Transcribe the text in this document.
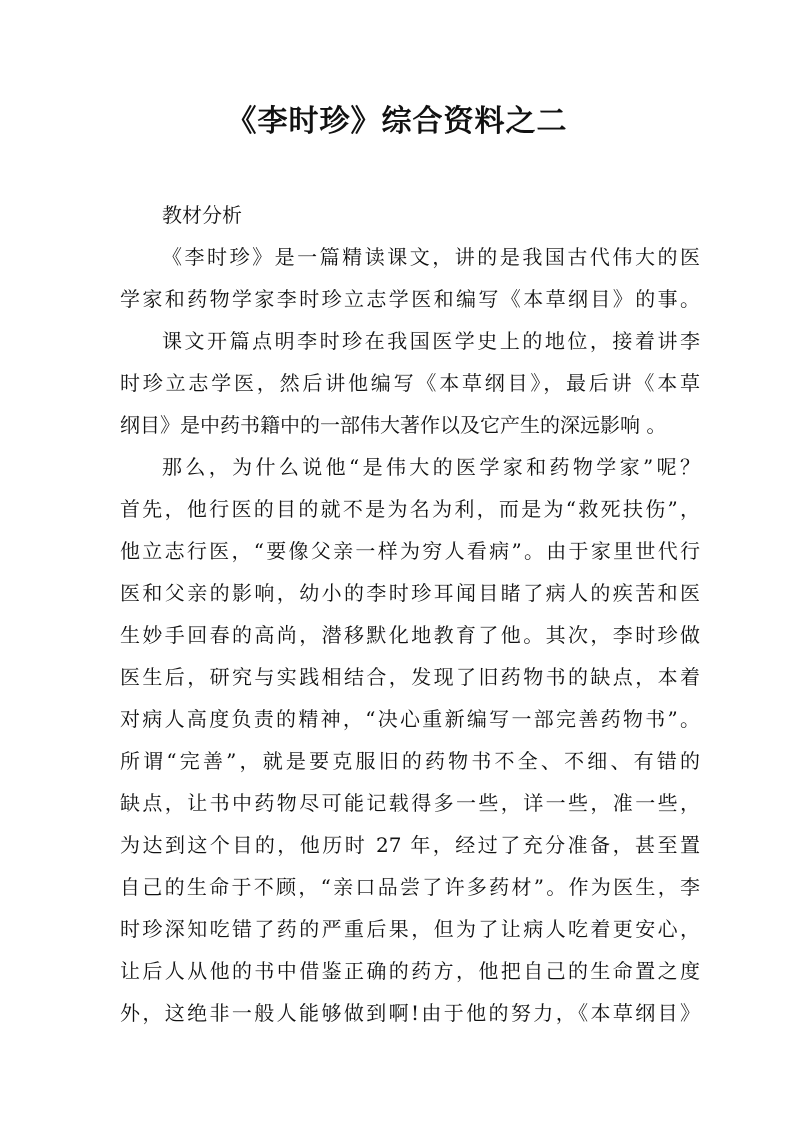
《李时珍》综合资料之二
教材分析
《李时珍》是一篇精读课文，讲的是我国古代伟大的医
学家和药物学家李时珍立志学医和编写《本草纲目》的事。
课文开篇点明李时珍在我国医学史上的地位，接着讲李
时珍立志学医，然后讲他编写《本草纲目》，最后讲《本草
纲目》是中药书籍中的一部伟大著作以及它产生的深远影响 。
那么，为什么说他“是伟大的医学家和药物学家”呢？
首先，他行医的目的就不是为名为利，而是为“救死扶伤”，
他立志行医，“要像父亲一样为穷人看病”。由于家里世代行
医和父亲的影响，幼小的李时珍耳闻目睹了病人的疾苦和医
生妙手回春的高尚，潜移默化地教育了他。其次，李时珍做
医生后，研究与实践相结合，发现了旧药物书的缺点，本着
对病人高度负责的精神，“决心重新编写一部完善药物书”。
所谓“完善”，就是要克服旧的药物书不全、不细、有错的
缺点，让书中药物尽可能记载得多一些，详一些，准一些，
为达到这个目的，他历时 27 年，经过了充分准备，甚至置
自己的生命于不顾，“亲口品尝了许多药材”。作为医生，李
时珍深知吃错了药的严重后果，但为了让病人吃着更安心，
让后人从他的书中借鉴正确的药方，他把自己的生命置之度
外，这绝非一般人能够做到啊!由于他的努力，《本草纲目》
